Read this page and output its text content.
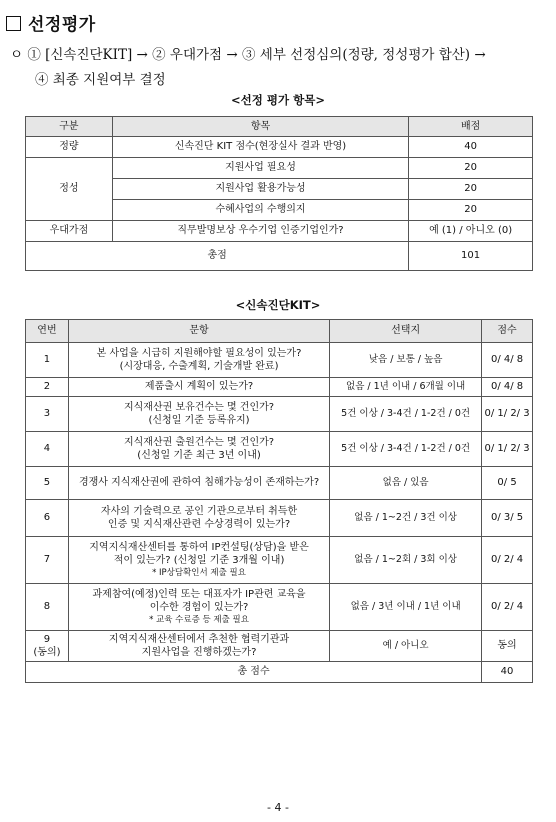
선정평가
ㅇ ① [신속진단KIT] → ② 우대가점 → ③ 세부 선정심의(정량, 정성평가 합산) →
④ 최종 지원여부 결정
<선정 평가 항목>
구분	항목	배점
정량	신속진단 KIT 점수(현장실사 결과 반영)	40
정성	지원사업 필요성	20
	지원사업 활용가능성	20
	수혜사업의 수행의지	20
우대가점	직무발명보상 우수기업 인증기업인가?	예 (1) / 아니오 (0)
총점		101
<신속진단KIT>
연번	문항	선택지	점수
1	본 사업을 시급히 지원해야할 필요성이 있는가?
(시장대응, 수출계획, 기술개발 완료)	낮음 / 보통 / 높음	0/ 4/ 8
2	제품출시 계획이 있는가?	없음 / 1년 이내 / 6개월 이내	0/ 4/ 8
3	지식재산권 보유건수는 몇 건인가?
(신청일 기준 등록유지)	5건 이상 / 3-4건 / 1-2건 / 0건	0/ 1/ 2/ 3
4	지식재산권 출원건수는 몇 건인가?
(신청일 기준 최근 3년 이내)	5건 이상 / 3-4건 / 1-2건 / 0건	0/ 1/ 2/ 3
5	경쟁사 지식재산권에 관하여 침해가능성이 존재하는가?	없음 / 있음	0/ 5
6	자사의 기술력으로 공인 기관으로부터 취득한
인증 및 지식재산관련 수상경력이 있는가?	없음 / 1~2건 / 3건 이상	0/ 3/ 5
7	지역지식재산센터를 통하여 IP컨설팅(상담)을 받은
적이 있는가? (신청일 기준 3개월 이내)
* IP상담확인서 제출 필요	없음 / 1~2회 / 3회 이상	0/ 2/ 4
8	과제참여(예정)인력 또는 대표자가 IP관련 교육을
이수한 경험이 있는가?
* 교육 수료증 등 제출 필요	없음 / 3년 이내 / 1년 이내	0/ 2/ 4
9
(동의)	지역지식재산센터에서 추천한 협력기관과
지원사업을 진행하겠는가?	예 / 아니오	동의
총 점수			40
- 4 -
